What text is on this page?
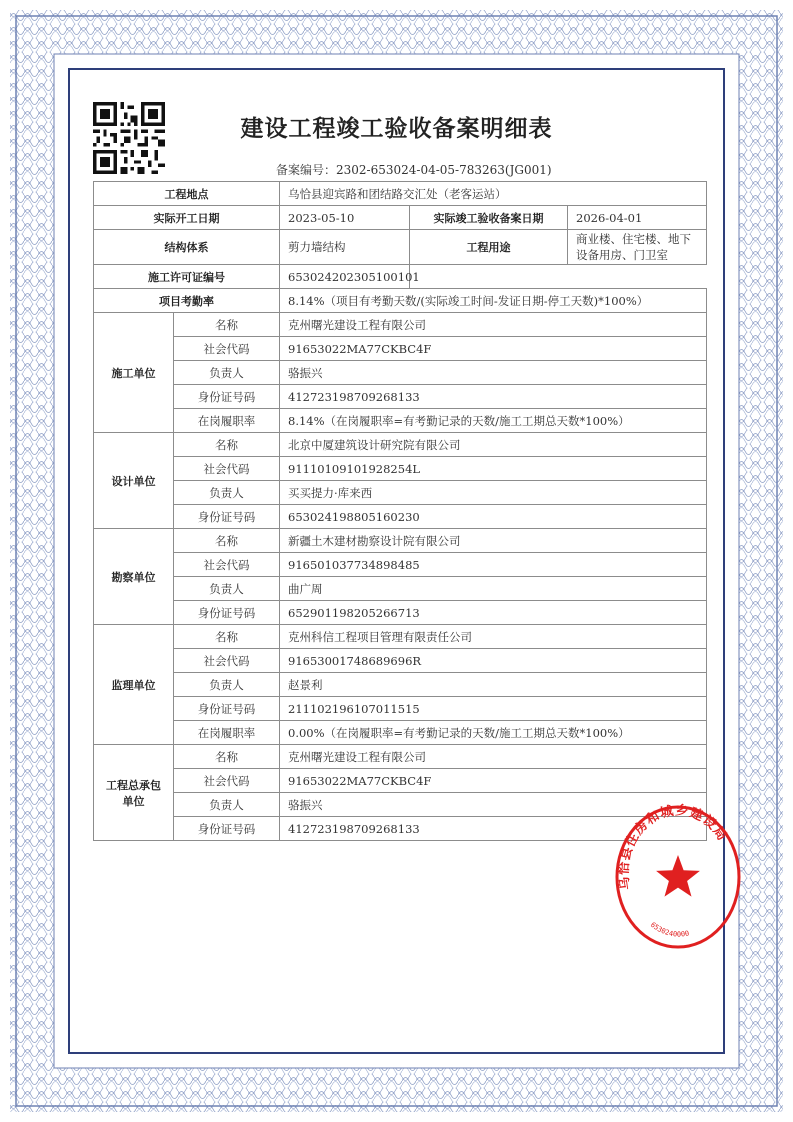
建设工程竣工验收备案明细表
备案编号：2302-653024-04-05-783263(JG001)
工程地点		乌恰县迎宾路和团结路交汇处（老客运站）		
实际开工日期		2023-05-10	实际竣工验收备案日期	2026-04-01
结构体系		剪力墙结构	工程用途	商业楼、住宅楼、地下设备用房、门卫室
施工许可证编号		653024202305100101		
项目考勤率		8.14%（项目有考勤天数/(实际竣工时间-发证日期-停工天数)*100%）		
施工单位	名称	克州曙光建设工程有限公司		
	社会代码	91653022MA77CKBC4F		
	负责人	骆振兴		
	身份证号码	412723198709268133		
	在岗履职率	8.14%（在岗履职率=有考勤记录的天数/施工工期总天数*100%）		
设计单位	名称	北京中厦建筑设计研究院有限公司		
	社会代码	91110109101928254L		
	负责人	买买提力·库来西		
	身份证号码	653024198805160230		
勘察单位	名称	新疆土木建材勘察设计院有限公司		
	社会代码	916501037734898485		
	负责人	曲广周		
	身份证号码	652901198205266713		
监理单位	名称	克州科信工程项目管理有限责任公司		
	社会代码	91653001748689696R		
	负责人	赵景利		
	身份证号码	211102196107011515		
	在岗履职率	0.00%（在岗履职率=有考勤记录的天数/施工工期总天数*100%）		

工程总承包
单位	名称	克州曙光建设工程有限公司		
	社会代码	91653022MA77CKBC4F		
	负责人	骆振兴		
	身份证号码	412723198709268133		
乌恰县住房和城乡建设局
6530240000
